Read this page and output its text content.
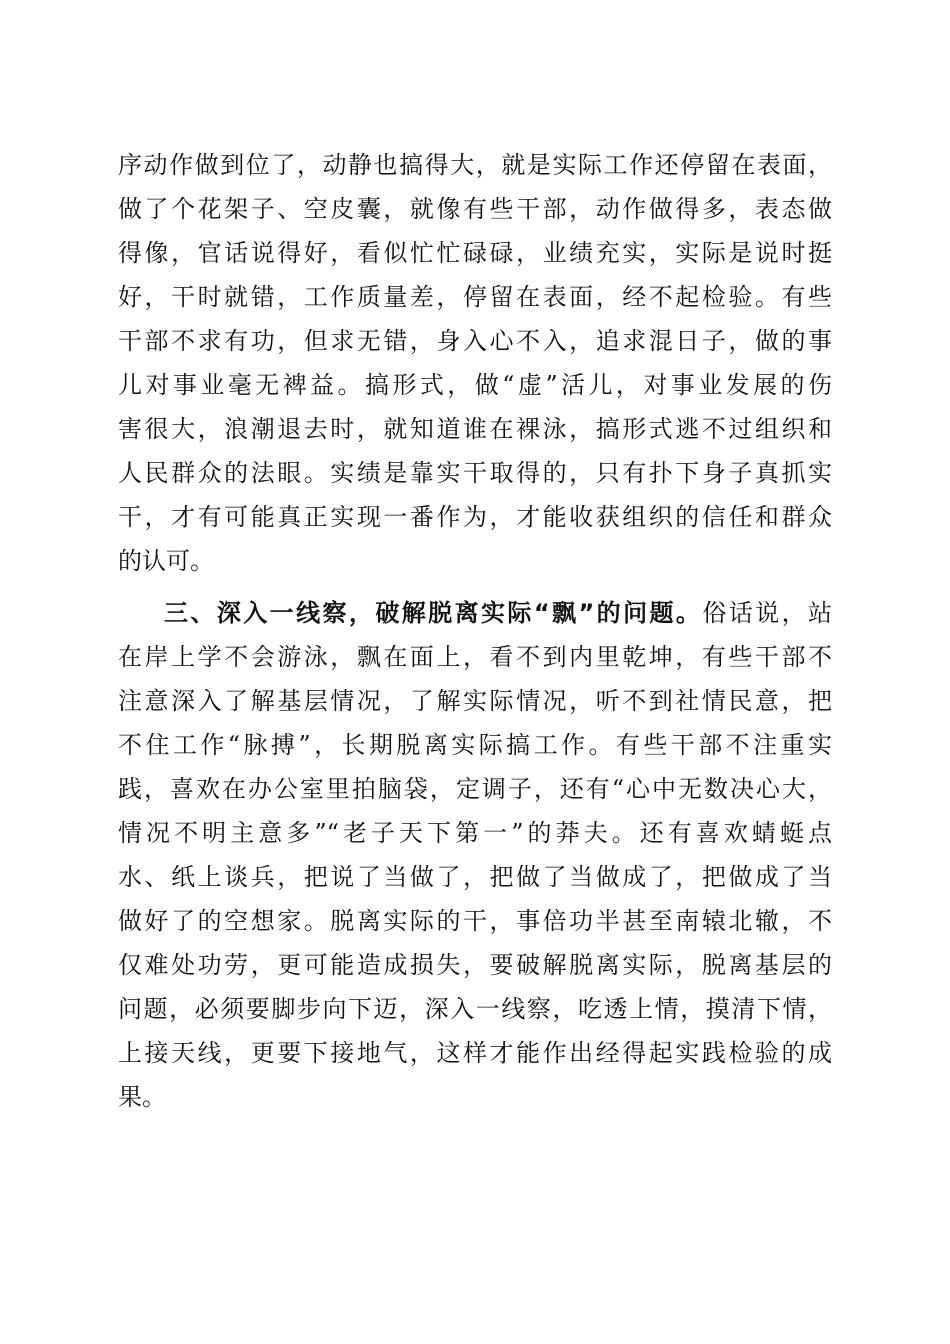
序动作做到位了，动静也搞得大，就是实际工作还停留在表面，
做了个花架子、空皮囊，就像有些干部，动作做得多，表态做
得像，官话说得好，看似忙忙碌碌，业绩充实，实际是说时挺
好，干时就错，工作质量差，停留在表面，经不起检验。有些
干部不求有功，但求无错，身入心不入，追求混日子，做的事
儿对事业毫无裨益。搞形式，做“虚”活儿，对事业发展的伤
害很大，浪潮退去时，就知道谁在裸泳，搞形式逃不过组织和
人民群众的法眼。实绩是靠实干取得的，只有扑下身子真抓实
干，才有可能真正实现一番作为，才能收获组织的信任和群众
的认可。
三、深入一线察，破解脱离实际“飘”的问题。俗话说，站
在岸上学不会游泳，飘在面上，看不到内里乾坤，有些干部不
注意深入了解基层情况，了解实际情况，听不到社情民意，把
不住工作“脉搏”，长期脱离实际搞工作。有些干部不注重实
践，喜欢在办公室里拍脑袋，定调子，还有“心中无数决心大，
情况不明主意多”“老子天下第一”的莽夫。还有喜欢蜻蜓点
水、纸上谈兵，把说了当做了，把做了当做成了，把做成了当
做好了的空想家。脱离实际的干，事倍功半甚至南辕北辙，不
仅难处功劳，更可能造成损失，要破解脱离实际，脱离基层的
问题，必须要脚步向下迈，深入一线察，吃透上情，摸清下情，
上接天线，更要下接地气，这样才能作出经得起实践检验的成
果。
